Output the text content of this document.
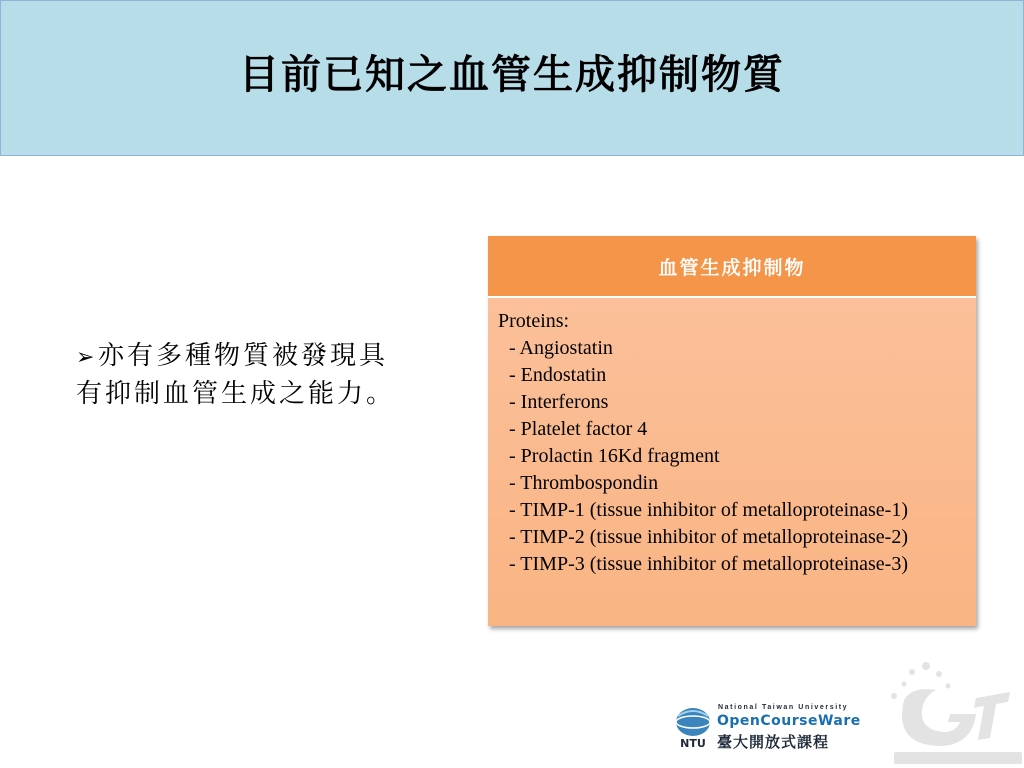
目前已知之血管生成抑制物質
➢ 亦有多種物質被發現具
有抑制血管生成之能力。
血管生成抑制物
Proteins:
- Angiostatin
- Endostatin
- Interferons
- Platelet factor 4
- Prolactin 16Kd fragment
- Thrombospondin
- TIMP-1 (tissue inhibitor of metalloproteinase-1)
- TIMP-2 (tissue inhibitor of metalloproteinase-2)
- TIMP-3 (tissue inhibitor of metalloproteinase-3)
NTU
National Taiwan University
OpenCourseWare
臺大開放式課程
